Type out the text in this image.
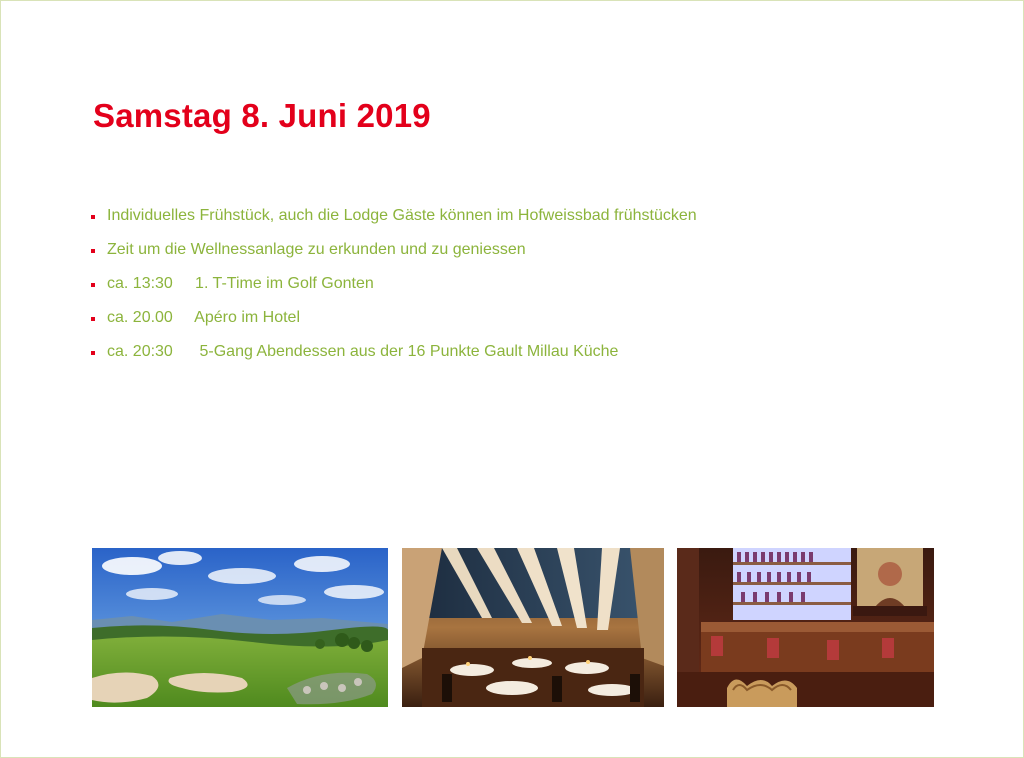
Samstag 8. Juni 2019
Individuelles Frühstück, auch die Lodge Gäste können im Hofweissbad frühstücken
Zeit um die Wellnessanlage zu erkunden und zu geniessen
ca. 13:30     1. T-Time im Golf Gonten
ca. 20.00     Apéro im Hotel
ca. 20:30      5-Gang Abendessen aus der 16 Punkte Gault Millau Küche
